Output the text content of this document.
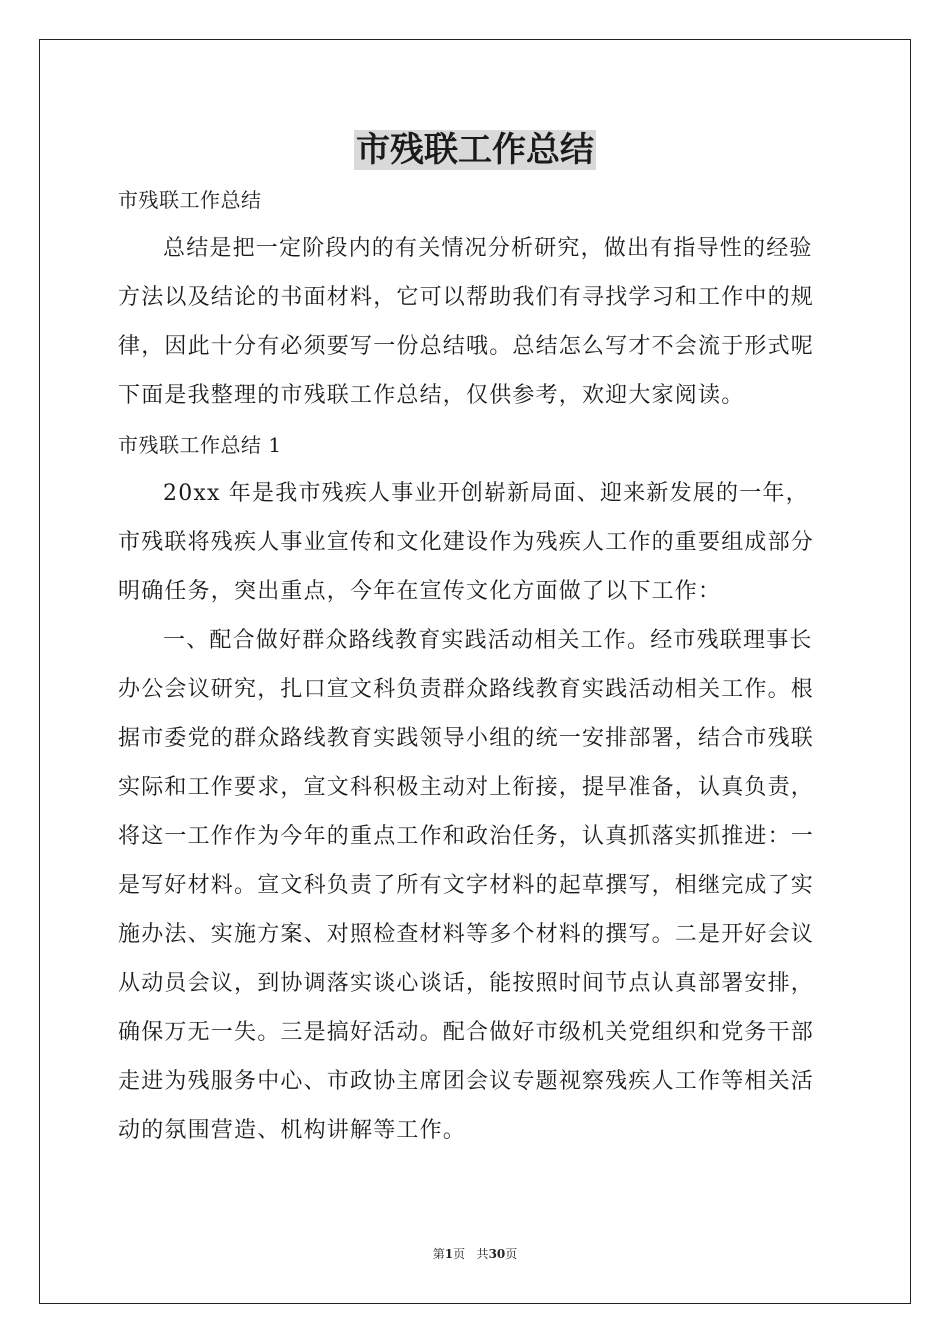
市残联工作总结
市残联工作总结
总结是把一定阶段内的有关情况分析研究，做出有指导性的经验
方法以及结论的书面材料，它可以帮助我们有寻找学习和工作中的规
律，因此十分有必须要写一份总结哦。总结怎么写才不会流于形式呢
下面是我整理的市残联工作总结，仅供参考，欢迎大家阅读。
市残联工作总结 1
20xx 年是我市残疾人事业开创崭新局面、迎来新发展的一年，
市残联将残疾人事业宣传和文化建设作为残疾人工作的重要组成部分
明确任务，突出重点，今年在宣传文化方面做了以下工作：
一、配合做好群众路线教育实践活动相关工作。经市残联理事长
办公会议研究，扎口宣文科负责群众路线教育实践活动相关工作。根
据市委党的群众路线教育实践领导小组的统一安排部署，结合市残联
实际和工作要求，宣文科积极主动对上衔接，提早准备，认真负责，
将这一工作作为今年的重点工作和政治任务，认真抓落实抓推进：一
是写好材料。宣文科负责了所有文字材料的起草撰写，相继完成了实
施办法、实施方案、对照检查材料等多个材料的撰写。二是开好会议
从动员会议，到协调落实谈心谈话，能按照时间节点认真部署安排，
确保万无一失。三是搞好活动。配合做好市级机关党组织和党务干部
走进为残服务中心、市政协主席团会议专题视察残疾人工作等相关活
动的氛围营造、机构讲解等工作。
第1页 共30页
